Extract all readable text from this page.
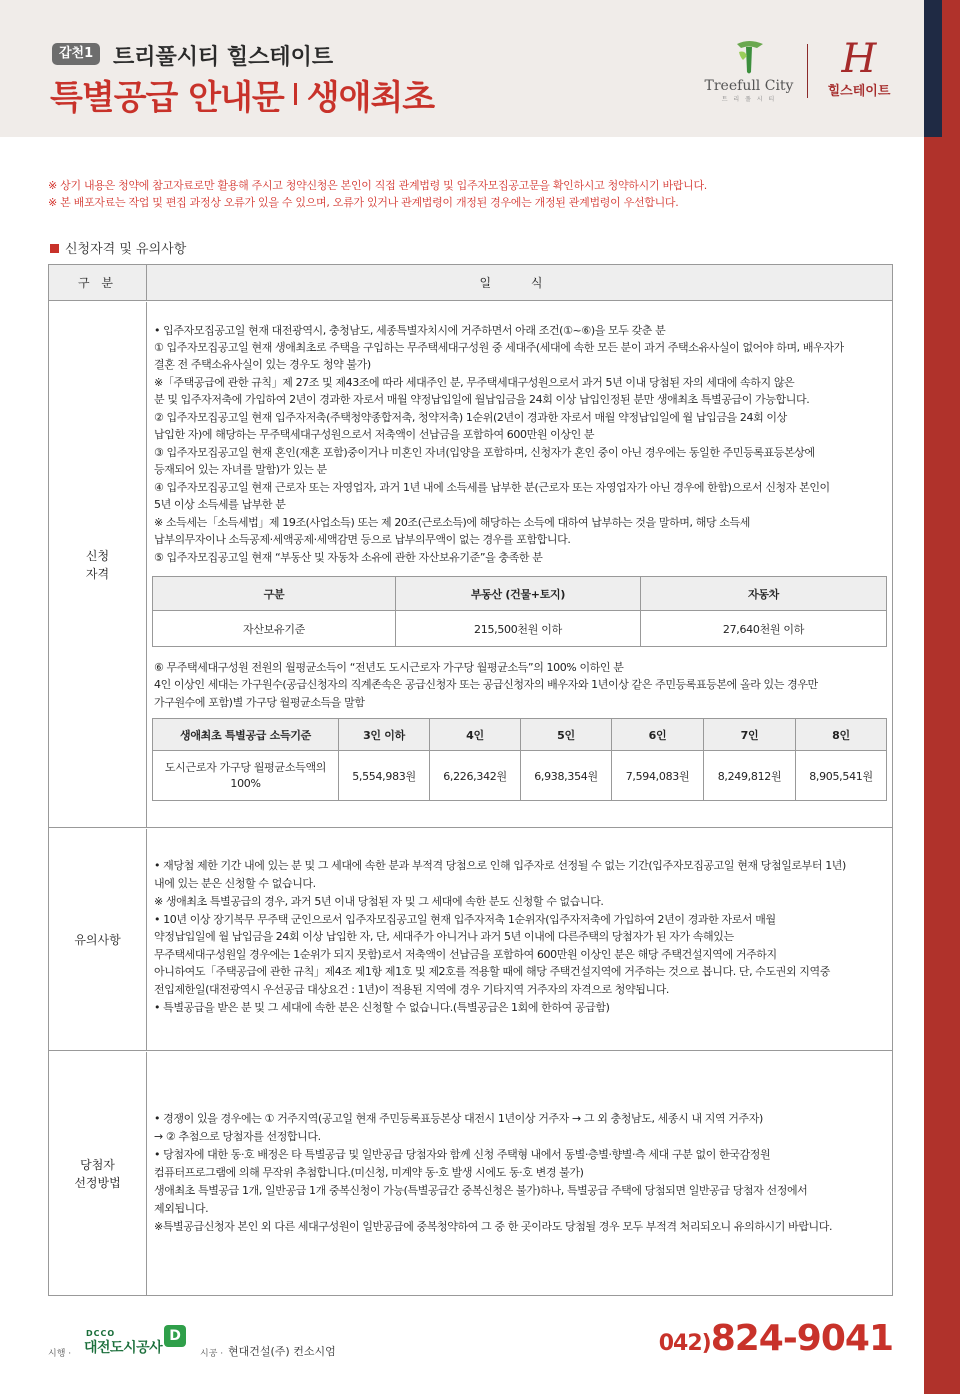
갑천1 트리풀시티 힐스테이트
특별공급 안내문 생애최초	Treefull City
트 리 풀 시 티
H
힐스테이트
※ 상기 내용은 청약에 참고자료로만 활용해 주시고 청약신청은 본인이 직접 관계법령 및 입주자모집공고문을 확인하시고 청약하시기 바랍니다.
※ 본 배포자료는 작업 및 편집 과정상 오류가 있을 수 있으며, 오류가 있거나 관계법령이 개정된 경우에는 개정된 관계법령이 우선합니다.
신청자격 및 유의사항
구 분	일 식
신청
자격
• 입주자모집공고일 현재 대전광역시, 충청남도, 세종특별자치시에 거주하면서 아래 조건(①~⑥)을 모두 갖춘 분
① 입주자모집공고일 현재 생애최초로 주택을 구입하는 무주택세대구성원 중 세대주(세대에 속한 모든 분이 과거 주택소유사실이 없어야 하며, 배우자가
결혼 전 주택소유사실이 있는 경우도 청약 불가)
※「주택공급에 관한 규칙」제 27조 및 제43조에 따라 세대주인 분, 무주택세대구성원으로서 과거 5년 이내 당첨된 자의 세대에 속하지 않은
분 및 입주자저축에 가입하여 2년이 경과한 자로서 매월 약정납입일에 월납입금을 24회 이상 납입인정된 분만 생애최초 특별공급이 가능합니다.
② 입주자모집공고일 현재 입주자저축(주택청약종합저축, 청약저축) 1순위(2년이 경과한 자로서 매월 약정납입일에 월 납입금을 24회 이상
납입한 자)에 해당하는 무주택세대구성원으로서 저축액이 선납금을 포함하여 600만원 이상인 분
③ 입주자모집공고일 현재 혼인(재혼 포함)중이거나 미혼인 자녀(입양을 포함하며, 신청자가 혼인 중이 아닌 경우에는 동일한 주민등록표등본상에
등재되어 있는 자녀를 말함)가 있는 분
④ 입주자모집공고일 현재 근로자 또는 자영업자, 과거 1년 내에 소득세를 납부한 분(근로자 또는 자영업자가 아닌 경우에 한함)으로서 신청자 본인이
5년 이상 소득세를 납부한 분
※ 소득세는「소득세법」제 19조(사업소득) 또는 제 20조(근로소득)에 해당하는 소득에 대하여 납부하는 것을 말하며, 해당 소득세
납부의무자이나 소득공제·세액공제·세액감면 등으로 납부의무액이 없는 경우를 포함합니다.
⑤ 입주자모집공고일 현재 “부동산 및 자동차 소유에 관한 자산보유기준”을 충족한 분
구분	부동산 (건물+토지)	자동차
자산보유기준	215,500천원 이하	27,640천원 이하
⑥ 무주택세대구성원 전원의 월평균소득이 “전년도 도시근로자 가구당 월평균소득”의 100% 이하인 분
4인 이상인 세대는 가구원수(공급신청자의 직계존속은 공급신청자 또는 공급신청자의 배우자와 1년이상 같은 주민등록표등본에 올라 있는 경우만
가구원수에 포함)별 가구당 월평균소득을 말함
생애최초 특별공급 소득기준	3인 이하	4인	5인	6인	7인	8인
도시근로자 가구당 월평균소득액의 100%	5,554,983원	6,226,342원	6,938,354원	7,594,083원	8,249,812원	8,905,541원
유의사항
• 재당첨 제한 기간 내에 있는 분 및 그 세대에 속한 분과 부적격 당첨으로 인해 입주자로 선정될 수 없는 기간(입주자모집공고일 현재 당첨일로부터 1년)
내에 있는 분은 신청할 수 없습니다.
※ 생애최초 특별공급의 경우, 과거 5년 이내 당첨된 자 및 그 세대에 속한 분도 신청할 수 없습니다.
• 10년 이상 장기복무 무주택 군인으로서 입주자모집공고일 현재 입주자저축 1순위자(입주자저축에 가입하여 2년이 경과한 자로서 매월
약정납입일에 월 납입금을 24회 이상 납입한 자, 단, 세대주가 아니거나 과거 5년 이내에 다른주택의 당첨자가 된 자가 속해있는
무주택세대구성원일 경우에는 1순위가 되지 못함)로서 저축액이 선납금을 포함하여 600만원 이상인 분은 해당 주택건설지역에 거주하지
아니하여도「주택공급에 관한 규칙」제4조 제1항 제1호 및 제2호를 적용할 때에 해당 주택건설지역에 거주하는 것으로 봅니다. 단, 수도권외 지역중
전입제한일(대전광역시 우선공급 대상요건 : 1년)이 적용된 지역에 경우 기타지역 거주자의 자격으로 청약됩니다.
• 특별공급을 받은 분 및 그 세대에 속한 분은 신청할 수 없습니다.(특별공급은 1회에 한하여 공급함)
당첨자
선정방법
• 경쟁이 있을 경우에는 ① 거주지역(공고일 현재 주민등록표등본상 대전시 1년이상 거주자 → 그 외 충청남도, 세종시 내 지역 거주자)
→ ② 추첨으로 당첨자를 선정합니다.
• 당첨자에 대한 동·호 배정은 타 특별공급 및 일반공급 당첨자와 함께 신청 주택형 내에서 동별·층별·향별·측 세대 구분 없이 한국감정원
컴퓨터프로그램에 의해 무작위 추첨합니다.(미신청, 미계약 동·호 발생 시에도 동·호 변경 불가)
생애최초 특별공급 1개, 일반공급 1개 중복신청이 가능(특별공급간 중복신청은 불가)하나, 특별공급 주택에 당첨되면 일반공급 당첨자 선정에서
제외됩니다.
※특별공급신청자 본인 외 다른 세대구성원이 일반공급에 중복청약하여 그 중 한 곳이라도 당첨될 경우 모두 부적격 처리되오니 유의하시기 바랍니다.
시행 ·
DCCO
대전도시공사
D
시공 · 현대건설(주) 컨소시엄	042)824-9041
